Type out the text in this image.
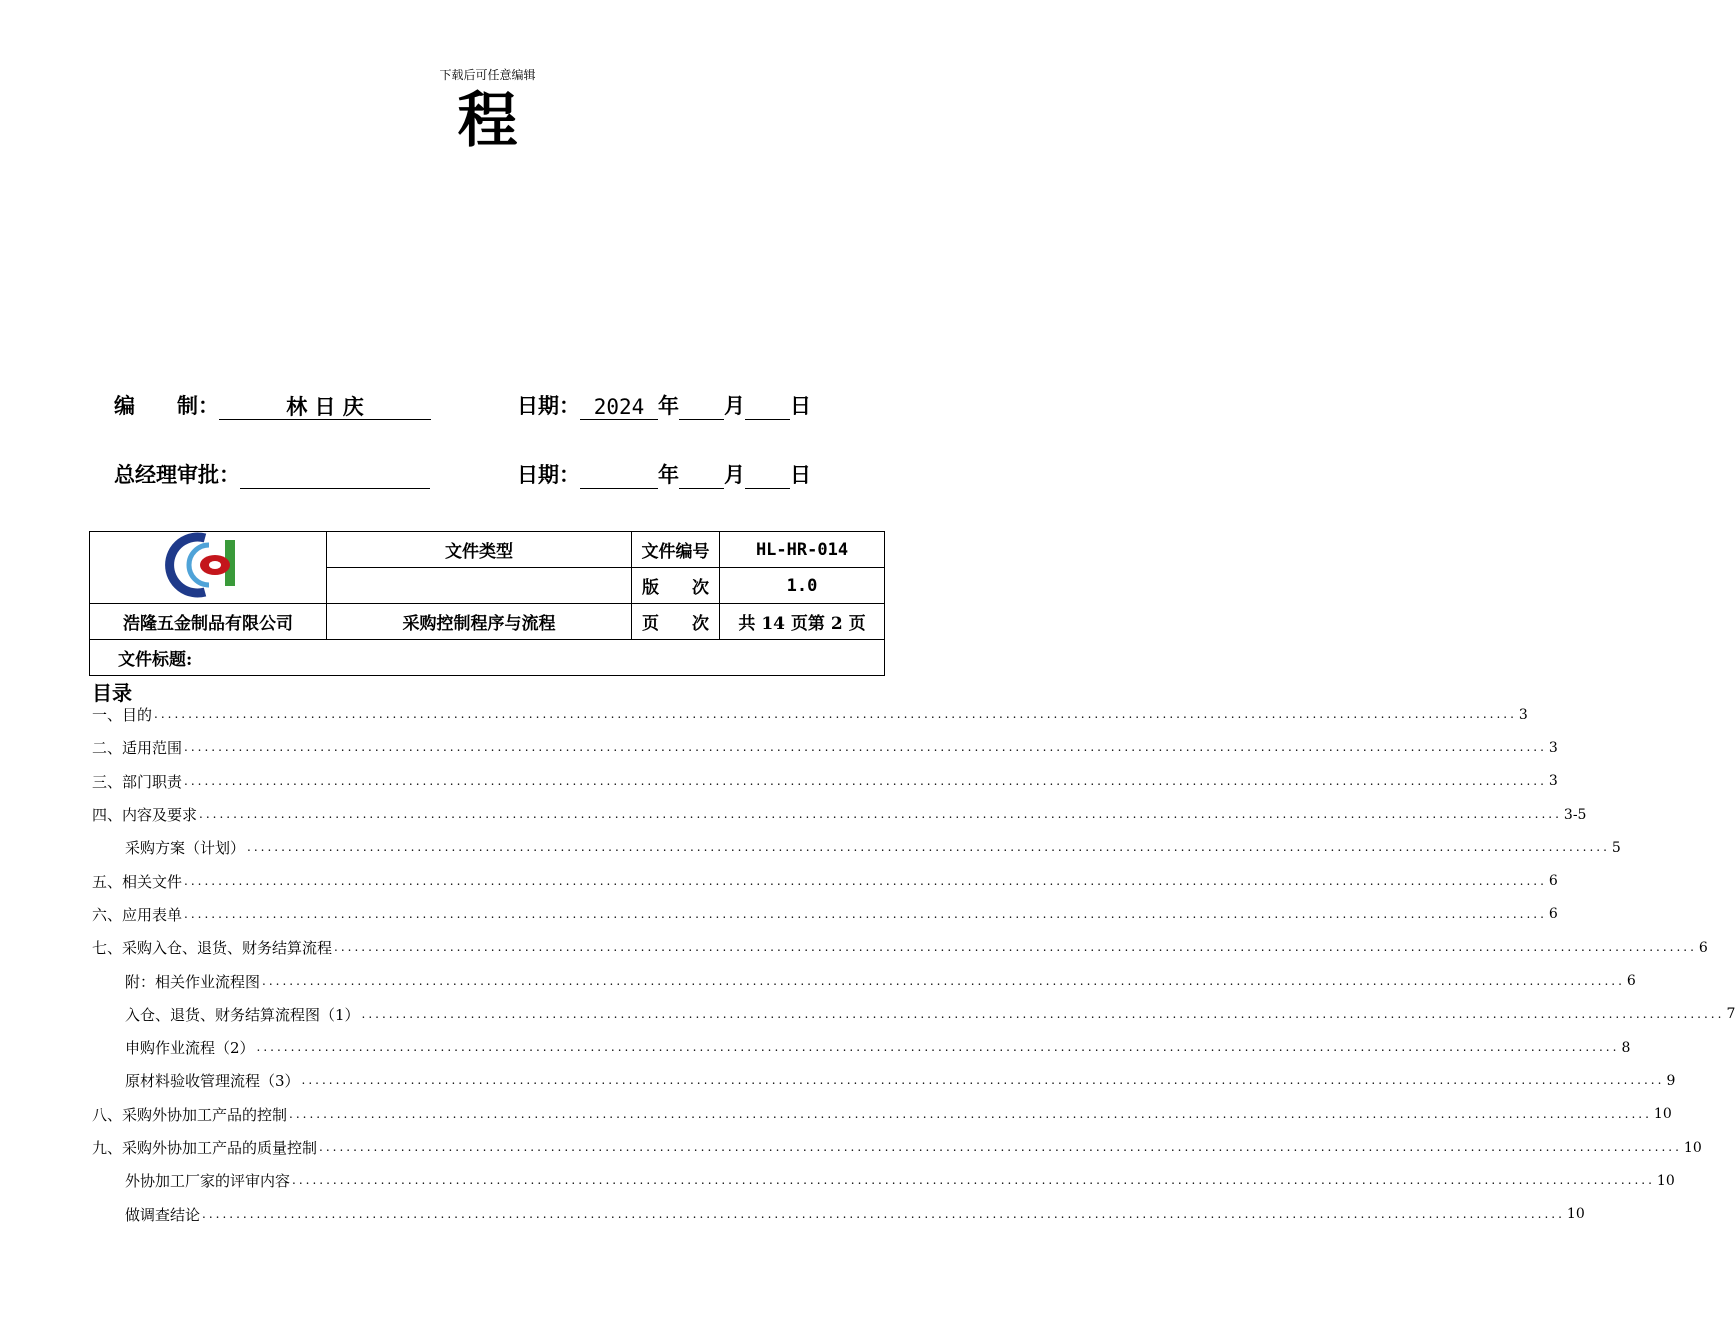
下载后可任意编辑
程
编　　制：	林 日 庆	日期： 2024 年 月 日
总经理审批：	日期：	年 月 日
	文件类型	文件编号	HL-HR-014

		版 次	1.0
浩隆五金制品有限公司	采购控制程序与流程	页 次	共 14 页第 2 页
文件标题:			
目录
一、目的 ........................................................................................................................................................................................................ 3
二、适用范围 ........................................................................................................................................................................................................ 3
三、部门职责 ........................................................................................................................................................................................................ 3
四、内容及要求 ........................................................................................................................................................................................................ 3-5
采购方案（计划） ........................................................................................................................................................................................................ 5
五、相关文件 ........................................................................................................................................................................................................ 6
六、应用表单 ........................................................................................................................................................................................................ 6
七、采购入仓、退货、财务结算流程 ........................................................................................................................................................................................................ 6
附：相关作业流程图 ........................................................................................................................................................................................................ 6
入仓、退货、财务结算流程图（1） ........................................................................................................................................................................................................ 7
申购作业流程（2） ........................................................................................................................................................................................................ 8
原材料验收管理流程（3） ........................................................................................................................................................................................................ 9
八、采购外协加工产品的控制 ........................................................................................................................................................................................................ 10
九、采购外协加工产品的质量控制 ........................................................................................................................................................................................................ 10
外协加工厂家的评审内容 ........................................................................................................................................................................................................ 10
做调查结论 ........................................................................................................................................................................................................ 10
